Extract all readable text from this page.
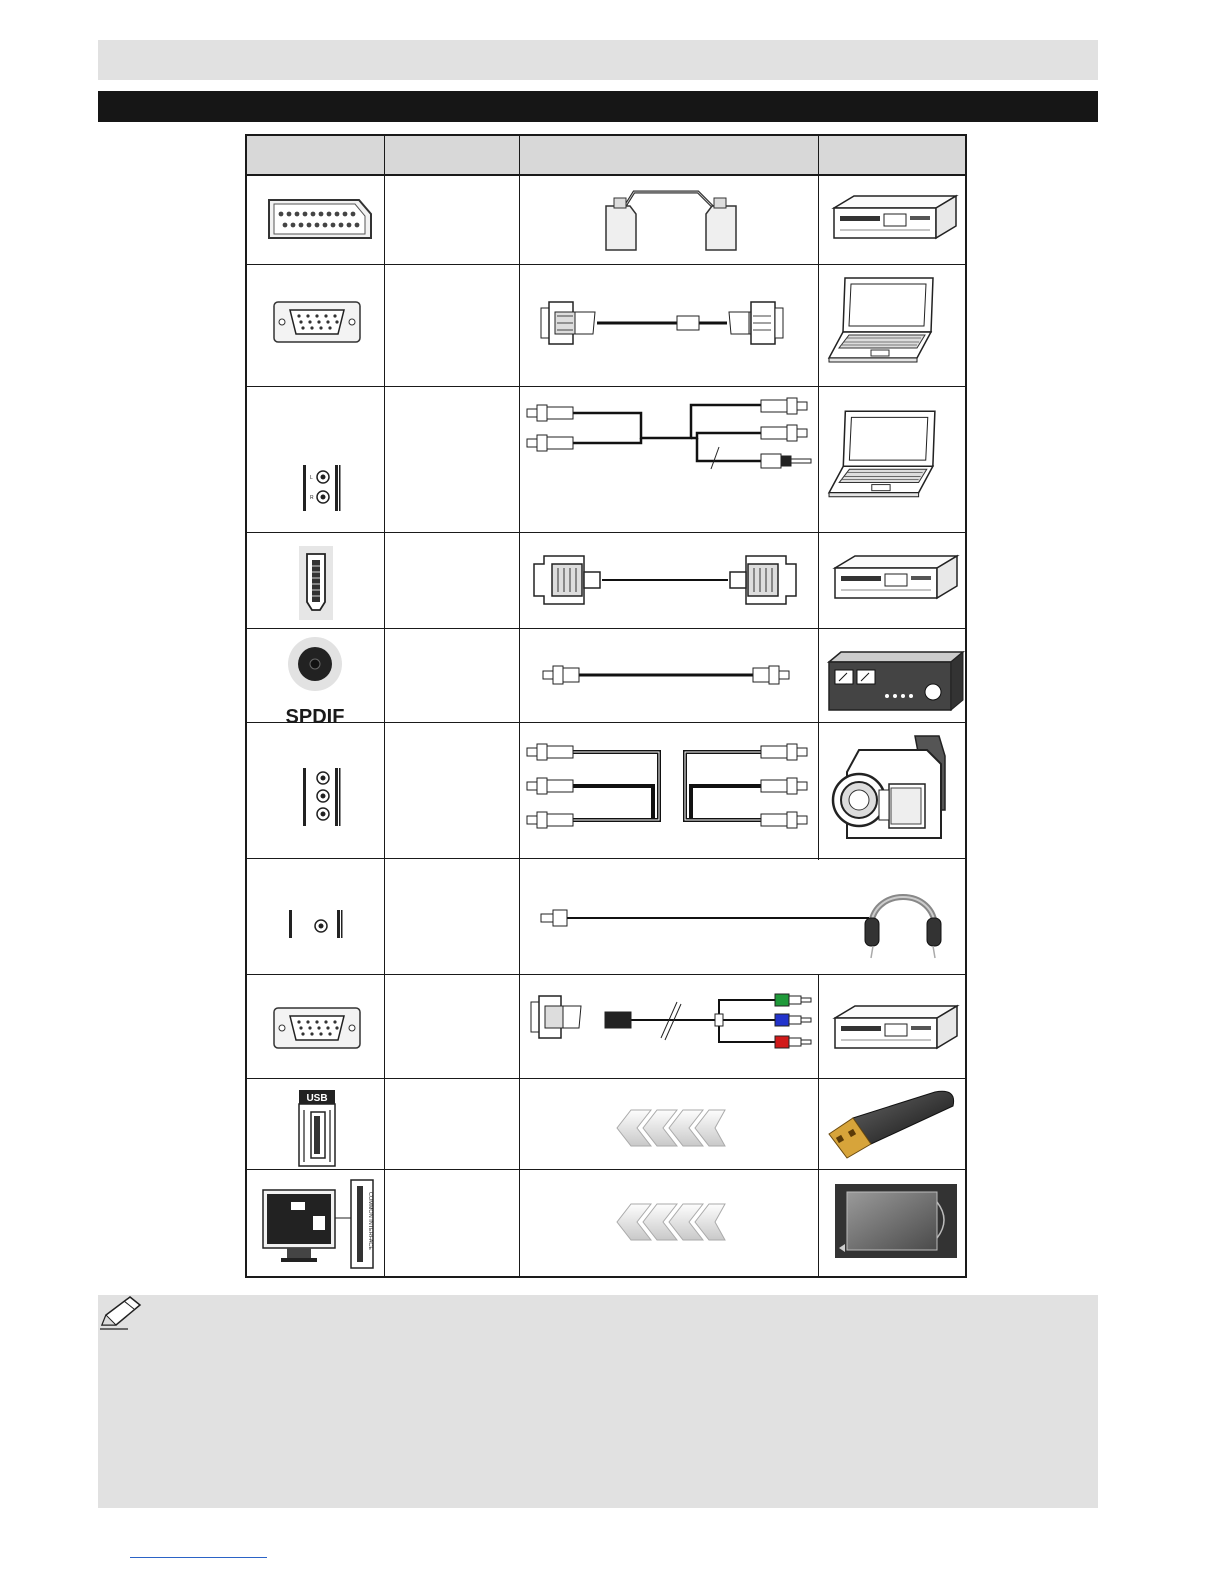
L
R
SPDIF
USB
COMMON INTERFACE
